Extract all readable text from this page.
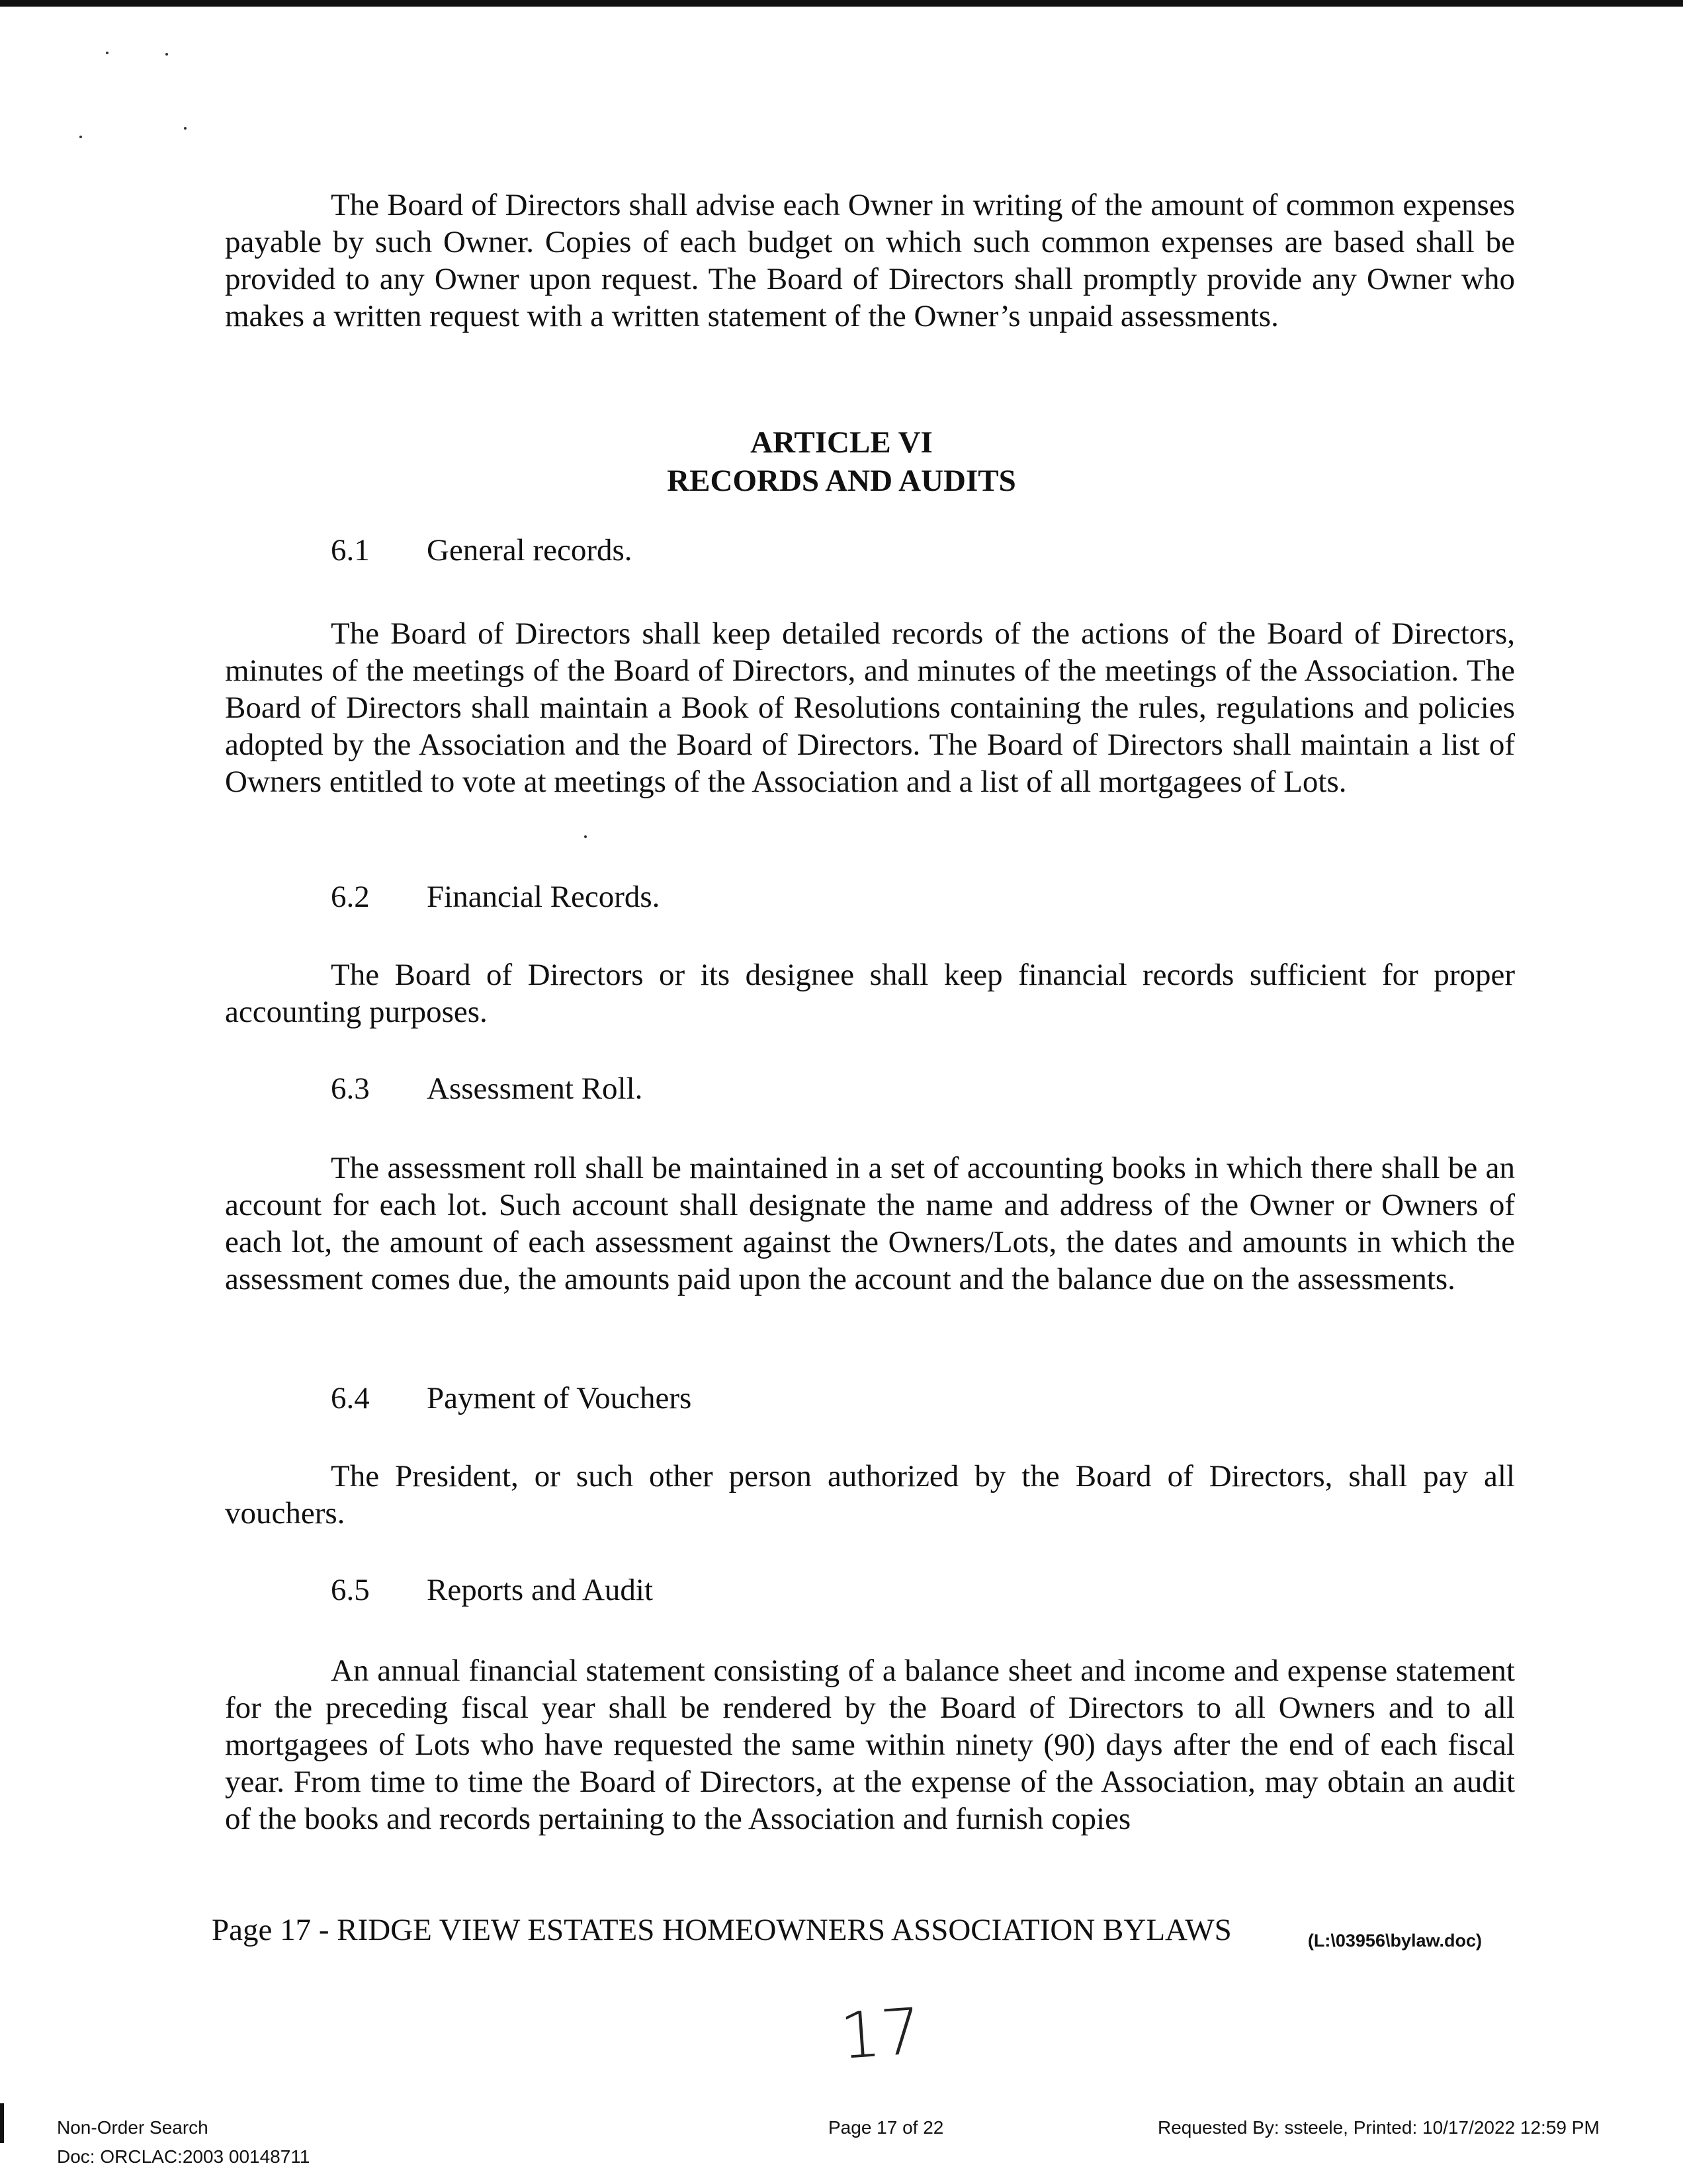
The Board of Directors shall advise each Owner in writing of the amount of common expenses payable by such Owner. Copies of each budget on which such common expenses are based shall be provided to any Owner upon request. The Board of Directors shall promptly provide any Owner who makes a written request with a written statement of the Owner’s unpaid assessments.

ARTICLE VI

RECORDS AND AUDITS

6.1 General records.

The Board of Directors shall keep detailed records of the actions of the Board of Directors, minutes of the meetings of the Board of Directors, and minutes of the meetings of the Association. The Board of Directors shall maintain a Book of Resolutions containing the rules, regulations and policies adopted by the Association and the Board of Directors. The Board of Directors shall maintain a list of Owners entitled to vote at meetings of the Association and a list of all mortgagees of Lots.

6.2 Financial Records.

The Board of Directors or its designee shall keep financial records sufficient for proper accounting purposes.

6.3 Assessment Roll.

The assessment roll shall be maintained in a set of accounting books in which there shall be an account for each lot. Such account shall designate the name and address of the Owner or Owners of each lot, the amount of each assessment against the Owners/Lots, the dates and amounts in which the assessment comes due, the amounts paid upon the account and the balance due on the assessments.

6.4 Payment of Vouchers

The President, or such other person authorized by the Board of Directors, shall pay all vouchers.

6.5 Reports and Audit

An annual financial statement consisting of a balance sheet and income and expense statement for the preceding fiscal year shall be rendered by the Board of Directors to all Owners and to all mortgagees of Lots who have requested the same within ninety (90) days after the end of each fiscal year. From time to time the Board of Directors, at the expense of the Association, may obtain an audit of the books and records pertaining to the Association and furnish copies

Page 17 - RIDGE VIEW ESTATES HOMEOWNERS ASSOCIATION BYLAWS	(L:\03956\bylaw.doc)
17
Non-Order Search
Doc: ORCLAC:2003 00148711
Page 17 of 22	Requested By: ssteele, Printed: 10/17/2022 12:59 PM
